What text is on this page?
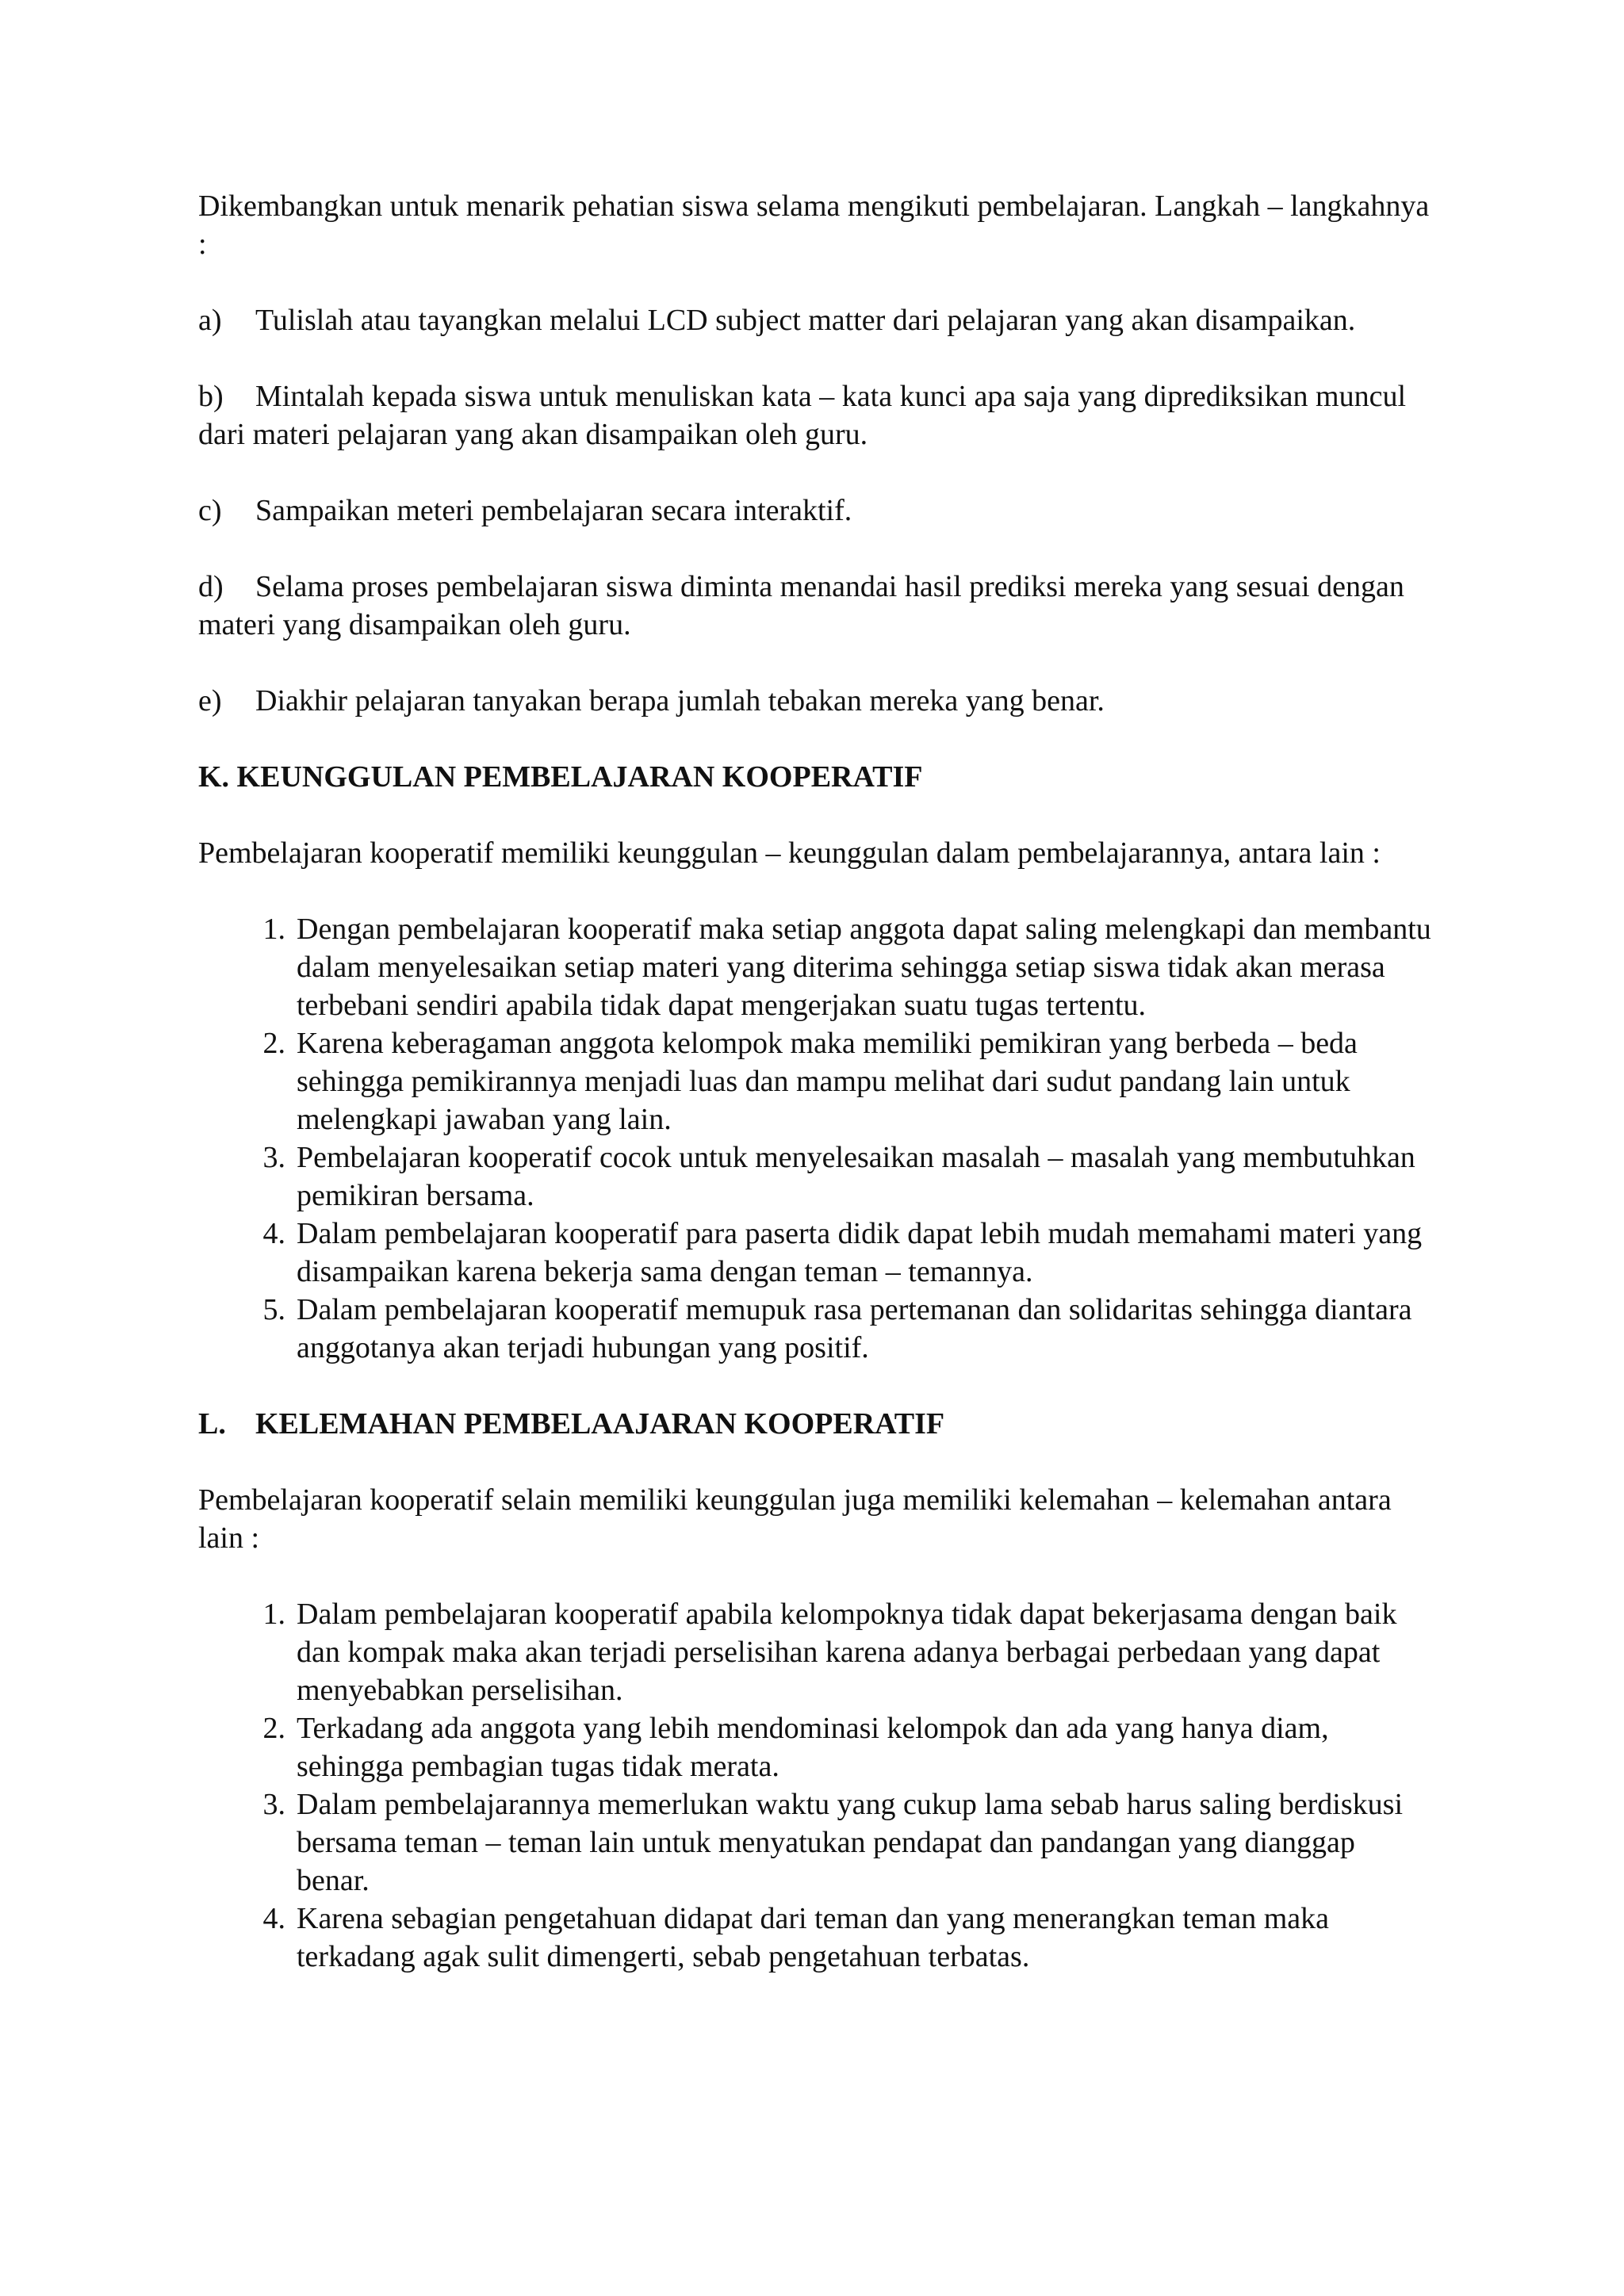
Dikembangkan untuk menarik pehatian siswa selama mengikuti pembelajaran. Langkah – langkahnya :

a) Tulislah atau tayangkan melalui LCD subject matter dari pelajaran yang akan disampaikan.

b) Mintalah kepada siswa untuk menuliskan kata – kata kunci apa saja yang diprediksikan muncul dari materi pelajaran yang akan disampaikan oleh guru.

c) Sampaikan meteri pembelajaran secara interaktif.

d) Selama proses pembelajaran siswa diminta menandai hasil prediksi mereka yang sesuai dengan materi yang disampaikan oleh guru.

e) Diakhir pelajaran tanyakan berapa jumlah tebakan mereka yang benar.

K. KEUNGGULAN PEMBELAJARAN KOOPERATIF

Pembelajaran kooperatif memiliki keunggulan – keunggulan dalam pembelajarannya, antara lain :

1. Dengan pembelajaran kooperatif maka setiap anggota dapat saling melengkapi dan membantu dalam menyelesaikan setiap materi yang diterima sehingga setiap siswa tidak akan merasa terbebani sendiri apabila tidak dapat mengerjakan suatu tugas tertentu.
2. Karena keberagaman anggota kelompok maka memiliki pemikiran yang berbeda – beda sehingga pemikirannya menjadi luas dan mampu melihat dari sudut pandang lain untuk melengkapi jawaban yang lain.
3. Pembelajaran kooperatif cocok untuk menyelesaikan masalah – masalah yang membutuhkan pemikiran bersama.
4. Dalam pembelajaran kooperatif para paserta didik dapat lebih mudah memahami materi yang disampaikan karena bekerja sama dengan teman – temannya.
5. Dalam pembelajaran kooperatif memupuk rasa pertemanan dan solidaritas sehingga diantara anggotanya akan terjadi hubungan yang positif.

L. KELEMAHAN PEMBELAAJARAN KOOPERATIF

Pembelajaran kooperatif selain memiliki keunggulan juga memiliki kelemahan – kelemahan antara lain :

1. Dalam pembelajaran kooperatif apabila kelompoknya tidak dapat bekerjasama dengan baik dan kompak maka akan terjadi perselisihan karena adanya berbagai perbedaan yang dapat menyebabkan perselisihan.
2. Terkadang ada anggota yang lebih mendominasi kelompok dan ada yang hanya diam, sehingga pembagian tugas tidak merata.
3. Dalam pembelajarannya memerlukan waktu yang cukup lama sebab harus saling berdiskusi bersama teman – teman lain untuk menyatukan pendapat dan pandangan yang dianggap benar.
4. Karena sebagian pengetahuan didapat dari teman dan yang menerangkan teman maka terkadang agak sulit dimengerti, sebab pengetahuan terbatas.
